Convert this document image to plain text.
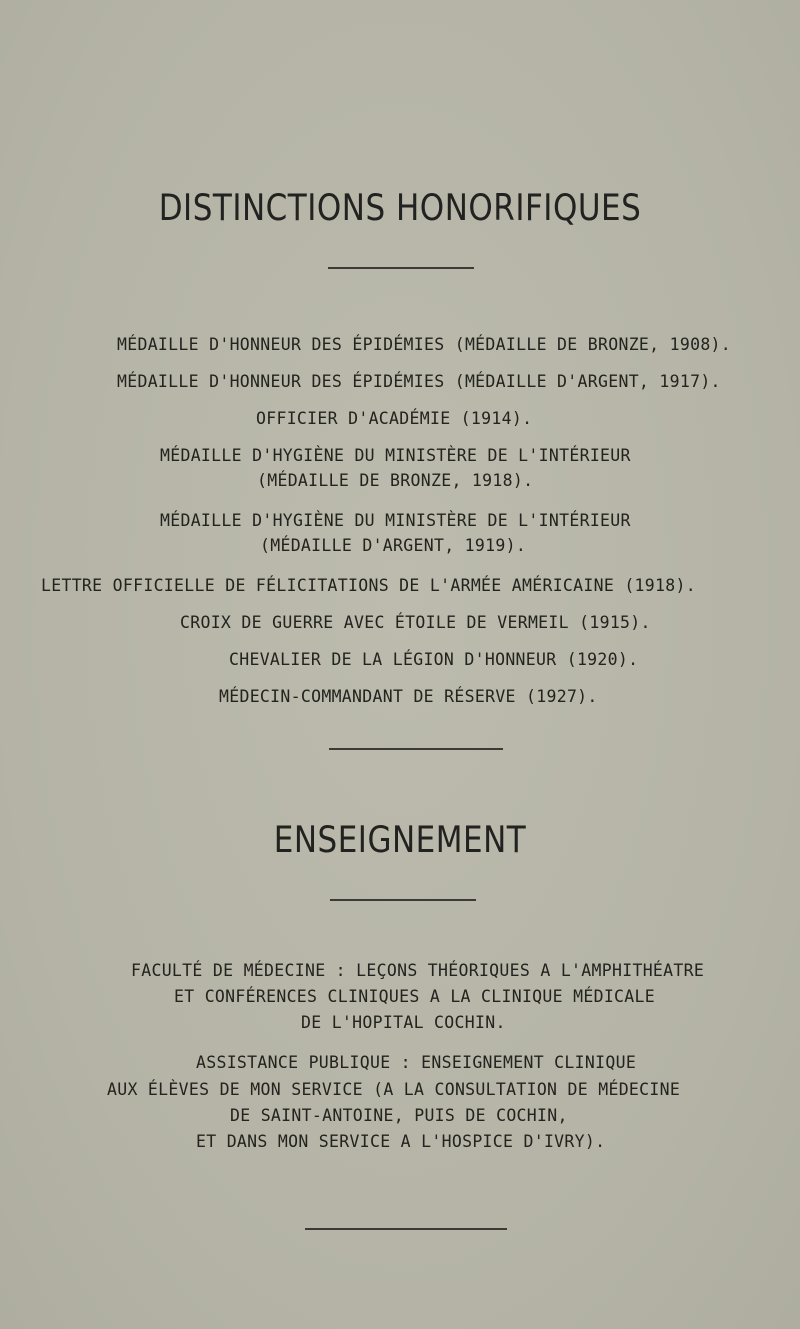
DISTINCTIONS HONORIFIQUES
MÉDAILLE D'HONNEUR DES ÉPIDÉMIES (MÉDAILLE DE BRONZE, 1908).
MÉDAILLE D'HONNEUR DES ÉPIDÉMIES (MÉDAILLE D'ARGENT, 1917).
OFFICIER D'ACADÉMIE (1914).
MÉDAILLE D'HYGIÈNE DU MINISTÈRE DE L'INTÉRIEUR
(MÉDAILLE DE BRONZE, 1918).
MÉDAILLE D'HYGIÈNE DU MINISTÈRE DE L'INTÉRIEUR
(MÉDAILLE D'ARGENT, 1919).
LETTRE OFFICIELLE DE FÉLICITATIONS DE L'ARMÉE AMÉRICAINE (1918).
CROIX DE GUERRE AVEC ÉTOILE DE VERMEIL (1915).
CHEVALIER DE LA LÉGION D'HONNEUR (1920).
MÉDECIN-COMMANDANT DE RÉSERVE (1927).
ENSEIGNEMENT
FACULTÉ DE MÉDECINE : LEÇONS THÉORIQUES A L'AMPHITHÉATRE
ET CONFÉRENCES CLINIQUES A LA CLINIQUE MÉDICALE
DE L'HOPITAL COCHIN.
ASSISTANCE PUBLIQUE : ENSEIGNEMENT CLINIQUE
AUX ÉLÈVES DE MON SERVICE (A LA CONSULTATION DE MÉDECINE
DE SAINT-ANTOINE, PUIS DE COCHIN,
ET DANS MON SERVICE A L'HOSPICE D'IVRY).
